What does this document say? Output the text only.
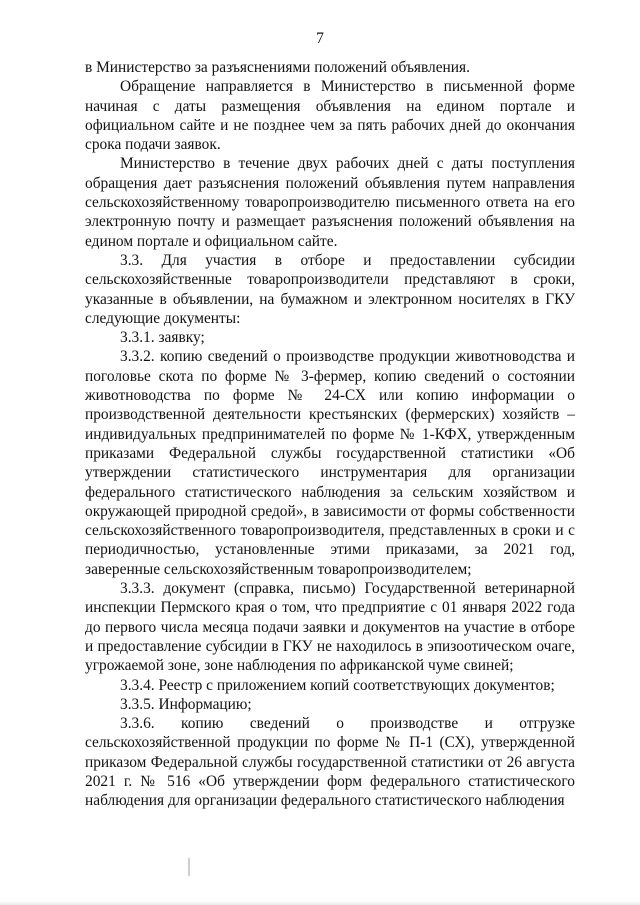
7

в Министерство за разъяснениями положений объявления.

Обращение направляется в Министерство в письменной форме начиная с даты размещения объявления на едином портале и официальном сайте и не позднее чем за пять рабочих дней до окончания срока подачи заявок.

Министерство в течение двух рабочих дней с даты поступления обращения дает разъяснения положений объявления путем направления сельскохозяйственному товаропроизводителю письменного ответа на его электронную почту и размещает разъяснения положений объявления на едином портале и официальном сайте.

3.3. Для участия в отборе и предоставлении субсидии сельскохозяйственные товаропроизводители представляют в сроки, указанные в объявлении, на бумажном и электронном носителях в ГКУ следующие документы:

3.3.1. заявку;

3.3.2. копию сведений о производстве продукции животноводства и поголовье скота по форме № 3-фермер, копию сведений о состоянии животноводства по форме № 24-СХ или копию информации о производственной деятельности крестьянских (фермерских) хозяйств – индивидуальных предпринимателей по форме № 1-КФХ, утвержденным приказами Федеральной службы государственной статистики «Об утверждении статистического инструментария для организации федерального статистического наблюдения за сельским хозяйством и окружающей природной средой», в зависимости от формы собственности сельскохозяйственного товаропроизводителя, представленных в сроки и с периодичностью, установленные этими приказами, за 2021 год, заверенные сельскохозяйственным товаропроизводителем;

3.3.3. документ (справка, письмо) Государственной ветеринарной инспекции Пермского края о том, что предприятие с 01 января 2022 года до первого числа месяца подачи заявки и документов на участие в отборе и предоставление субсидии в ГКУ не находилось в эпизоотическом очаге, угрожаемой зоне, зоне наблюдения по африканской чуме свиней;

3.3.4. Реестр с приложением копий соответствующих документов;

3.3.5. Информацию;

3.3.6. копию сведений о производстве и отгрузке сельскохозяйственной продукции по форме № П-1 (СХ), утвержденной приказом Федеральной службы государственной статистики от 26 августа 2021 г. № 516 «Об утверждении форм федерального статистического наблюдения для организации федерального статистического наблюдения
